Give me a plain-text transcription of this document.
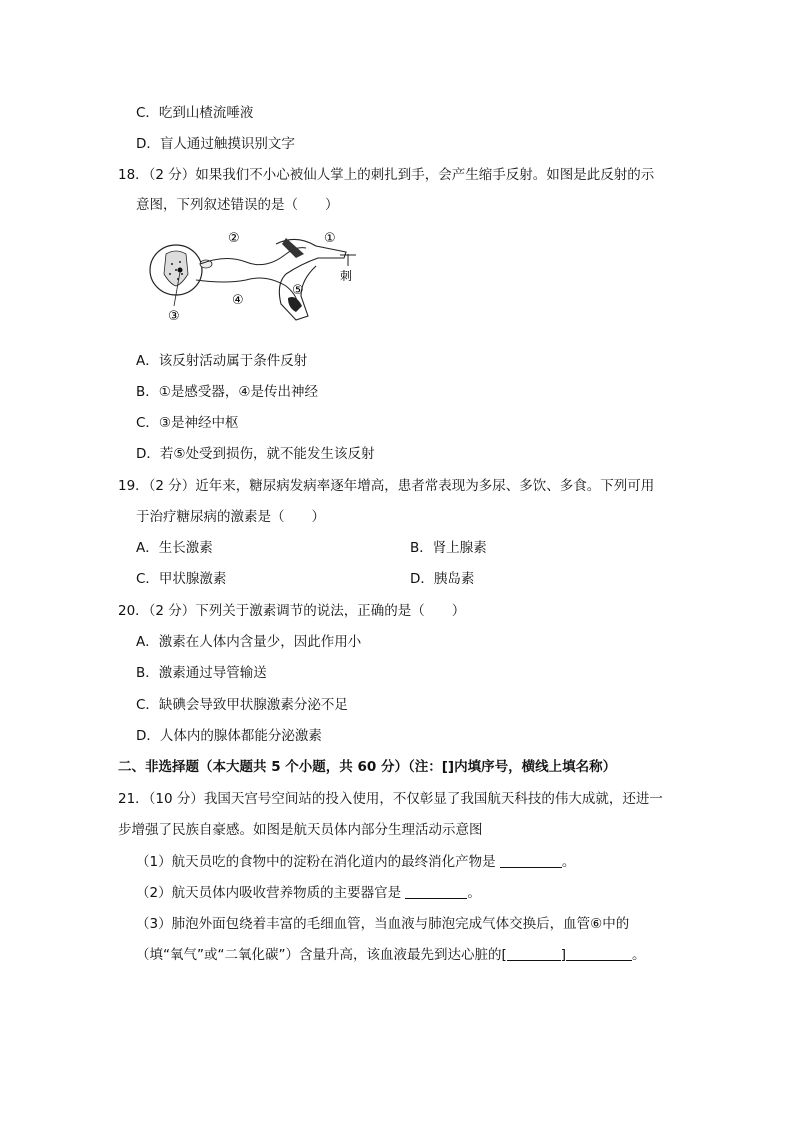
C．吃到山楂流唾液
D．盲人通过触摸识别文字
18．（2 分）如果我们不小心被仙人掌上的刺扎到手，会产生缩手反射。如图是此反射的示
意图，下列叙述错误的是（　　）
②	①
刺
⑤
④
③
A．该反射活动属于条件反射
B．①是感受器，④是传出神经
C．③是神经中枢
D．若⑤处受到损伤，就不能发生该反射
19．（2 分）近年来，糖尿病发病率逐年增高，患者常表现为多尿、多饮、多食。下列可用
于治疗糖尿病的激素是（　　）
A．生长激素	B．肾上腺素
C．甲状腺激素	D．胰岛素
20．（2 分）下列关于激素调节的说法，正确的是（　　）
A．激素在人体内含量少，因此作用小
B．激素通过导管输送
C．缺碘会导致甲状腺激素分泌不足
D．人体内的腺体都能分泌激素
二、非选择题（本大题共 5 个小题，共 60 分）（注：[]内填序号，横线上填名称）
21．（10 分）我国天宫号空间站的投入使用，不仅彰显了我国航天科技的伟大成就，还进一
步增强了民族自豪感。如图是航天员体内部分生理活动示意图
（1）航天员吃的食物中的淀粉在消化道内的最终消化产物是	。
（2）航天员体内吸收营养物质的主要器官是	。
（3）肺泡外面包绕着丰富的毛细血管，当血液与肺泡完成气体交换后，血管⑥中的
（填“氧气”或“二氧化碳”）含量升高，该血液最先到达心脏的[	]	。
